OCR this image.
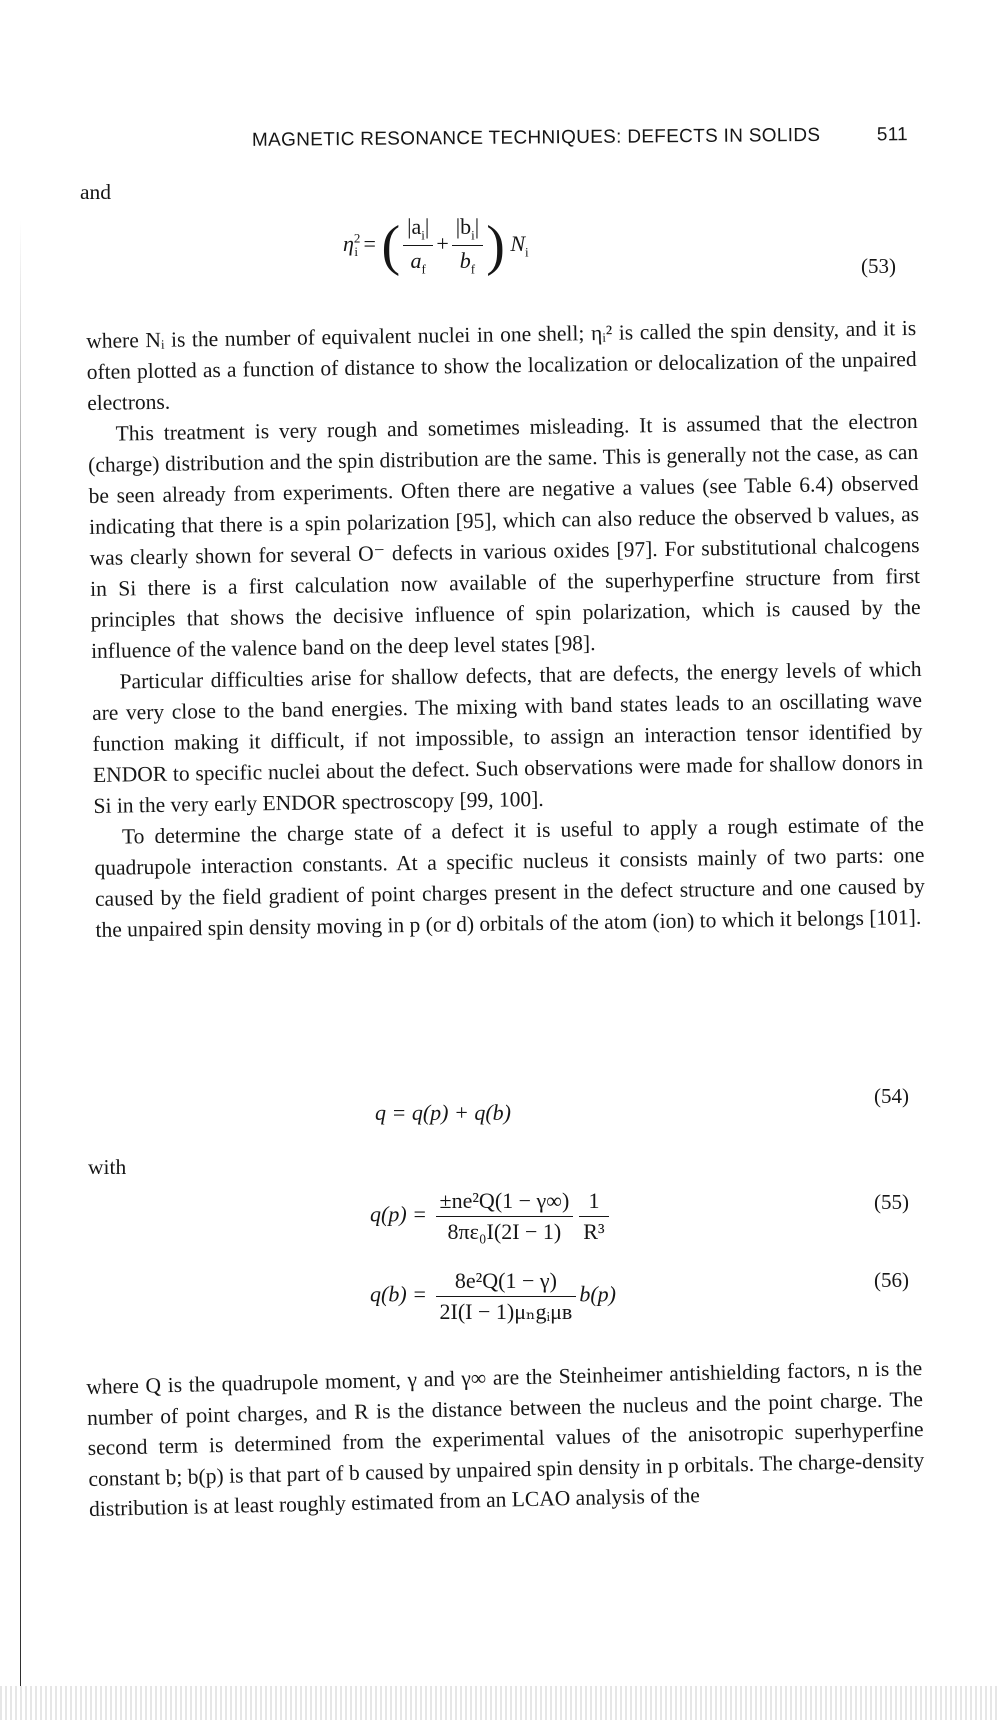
MAGNETIC RESONANCE TECHNIQUES: DEFECTS IN SOLIDS	511
and
$\eta^2_i$ = ( $\frac{|a_i|}{a_f} + \frac{|b_i|}{b_f}$ ) $N_i$
(53)

where Nᵢ is the number of equivalent nuclei in one shell; ηᵢ² is called the spin density, and it is often plotted as a function of distance to show the localization or delocalization of the unpaired electrons.

This treatment is very rough and sometimes misleading. It is assumed that the electron (charge) distribution and the spin distribution are the same. This is generally not the case, as can be seen already from experiments. Often there are negative a values (see Table 6.4) observed indicating that there is a spin polarization [95], which can also reduce the observed b values, as was clearly shown for several O⁻ defects in various oxides [97]. For substitutional chalcogens in Si there is a first calculation now available of the superhyperfine structure from first principles that shows the decisive influence of spin polarization, which is caused by the influence of the valence band on the deep level states [98].

Particular difficulties arise for shallow defects, that are defects, the energy levels of which are very close to the band energies. The mixing with band states leads to an oscillating wave function making it difficult, if not impossible, to assign an interaction tensor identified by ENDOR to specific nuclei about the defect. Such observations were made for shallow donors in Si in the very early ENDOR spectroscopy [99, 100].

To determine the charge state of a defect it is useful to apply a rough estimate of the quadrupole interaction constants. At a specific nucleus it consists mainly of two parts: one caused by the field gradient of point charges present in the defect structure and one caused by the unpaired spin density moving in p (or d) orbitals of the atom (ion) to which it belongs [101].

q = q(p) + q(b)
(54)
with
$q(p) = \frac{\text{±ne²Q(1 − γ∞)}}{\text{8πε₀I(2I − 1)}} \frac{1}{\text{R³}}$	(55)
$q(b) = \frac{\text{8e²Q(1 − γ)}}{\text{2I(I − 1)μₙgᵢμʙ}} b(p)$
(56)

where Q is the quadrupole moment, γ and γ∞ are the Steinheimer antishielding factors, n is the number of point charges, and R is the distance between the nucleus and the point charge. The second term is determined from the experimental values of the anisotropic superhyperfine constant b; b(p) is that part of b caused by unpaired spin density in p orbitals. The charge-density distribution is at least roughly estimated from an LCAO analysis of the
